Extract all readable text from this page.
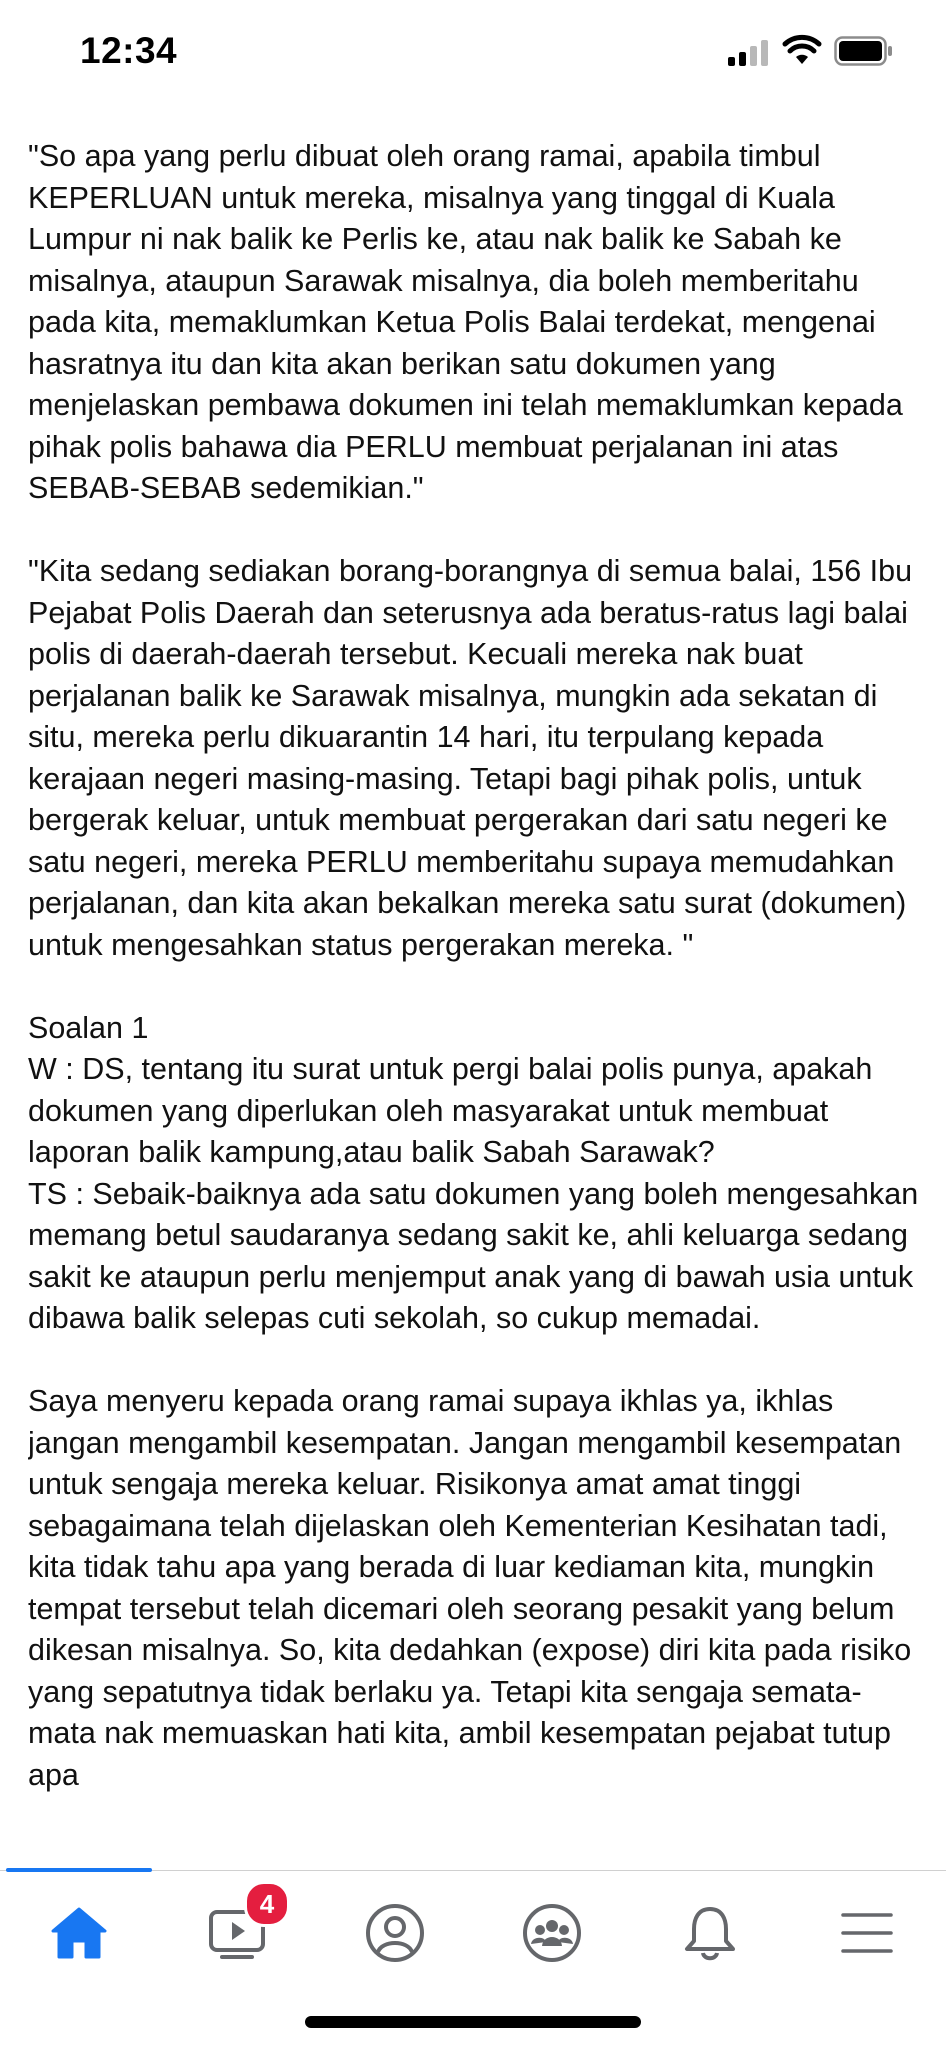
12:34

"So apa yang perlu dibuat oleh orang ramai, apabila timbul KEPERLUAN untuk mereka, misalnya yang tinggal di Kuala Lumpur ni nak balik ke Perlis ke, atau nak balik ke Sabah ke misalnya, ataupun Sarawak misalnya, dia boleh memberitahu pada kita, memaklumkan Ketua Polis Balai terdekat, mengenai hasratnya itu dan kita akan berikan satu dokumen yang menjelaskan pembawa dokumen ini telah memaklumkan kepada pihak polis bahawa dia PERLU membuat perjalanan ini atas SEBAB-SEBAB sedemikian."

"Kita sedang sediakan borang-borangnya di semua balai, 156 Ibu Pejabat Polis Daerah dan seterusnya ada beratus-ratus lagi balai polis di daerah-daerah tersebut. Kecuali mereka nak buat perjalanan balik ke Sarawak misalnya, mungkin ada sekatan di situ, mereka perlu dikuarantin 14 hari, itu terpulang kepada kerajaan negeri masing-masing. Tetapi bagi pihak polis, untuk bergerak keluar, untuk membuat pergerakan dari satu negeri ke satu negeri, mereka PERLU memberitahu supaya memudahkan perjalanan, dan kita akan bekalkan mereka satu surat (dokumen) untuk mengesahkan status pergerakan mereka. "

Soalan 1

W : DS, tentang itu surat untuk pergi balai polis punya, apakah dokumen yang diperlukan oleh masyarakat untuk membuat laporan balik kampung,atau balik Sabah Sarawak?

TS : Sebaik-baiknya ada satu dokumen yang boleh mengesahkan memang betul saudaranya sedang sakit ke, ahli keluarga sedang sakit ke ataupun perlu menjemput anak yang di bawah usia untuk dibawa balik selepas cuti sekolah, so cukup memadai.

Saya menyeru kepada orang ramai supaya ikhlas ya, ikhlas jangan mengambil kesempatan. Jangan mengambil kesempatan untuk sengaja mereka keluar. Risikonya amat amat tinggi sebagaimana telah dijelaskan oleh Kementerian Kesihatan tadi, kita tidak tahu apa yang berada di luar kediaman kita, mungkin tempat tersebut telah dicemari oleh seorang pesakit yang belum dikesan misalnya. So, kita dedahkan (expose) diri kita pada risiko yang sepatutnya tidak berlaku ya. Tetapi kita sengaja semata-mata nak memuaskan hati kita, ambil kesempatan pejabat tutup apa

4
